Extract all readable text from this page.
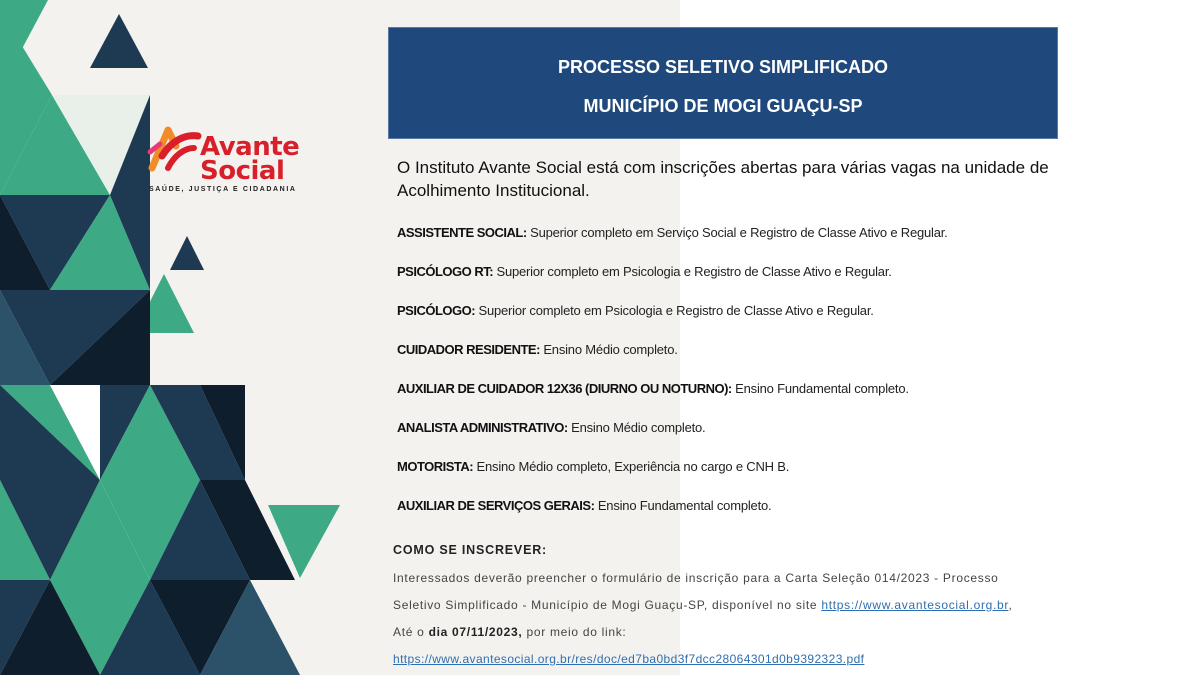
Avante
Social
SAÚDE, JUSTIÇA E CIDADANIA
PROCESSO SELETIVO SIMPLIFICADO
MUNICÍPIO DE MOGI GUAÇU-SP
O Instituto Avante Social está com inscrições abertas para várias vagas na unidade de Acolhimento Institucional.
ASSISTENTE SOCIAL: Superior completo em Serviço Social e Registro de Classe Ativo e Regular.
PSICÓLOGO RT: Superior completo em Psicologia e Registro de Classe Ativo e Regular.
PSICÓLOGO: Superior completo em Psicologia e Registro de Classe Ativo e Regular.
CUIDADOR RESIDENTE: Ensino Médio completo.
AUXILIAR DE CUIDADOR 12X36 (DIURNO OU NOTURNO): Ensino Fundamental completo.
ANALISTA ADMINISTRATIVO: Ensino Médio completo.
MOTORISTA: Ensino Médio completo, Experiência no cargo e CNH B.
AUXILIAR DE SERVIÇOS GERAIS: Ensino Fundamental completo.
COMO SE INSCREVER:
Interessados deverão preencher o formulário de inscrição para a Carta Seleção 014/2023 - Processo
Seletivo Simplificado - Município de Mogi Guaçu-SP, disponível no site https://www.avantesocial.org.br,
Até o dia 07/11/2023, por meio do link:
https://www.avantesocial.org.br/res/doc/ed7ba0bd3f7dcc28064301d0b9392323.pdf
